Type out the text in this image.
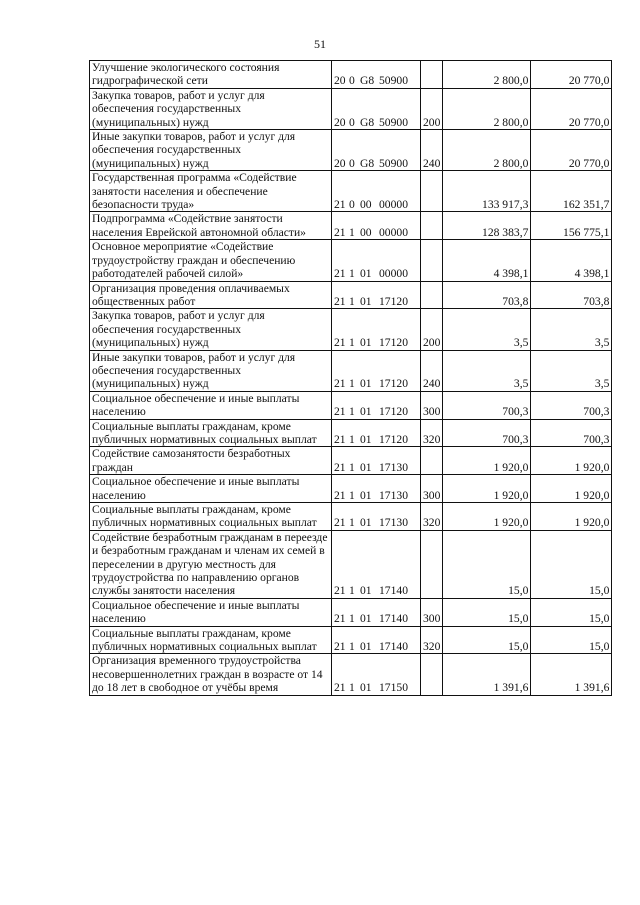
51
Улучшение экологического состояния гидрографической сети	20 0 G8 50900		2 800,0	20 770,0
Закупка товаров, работ и услуг для обеспечения государственных (муниципальных) нужд	20 0 G8 50900	200	2 800,0	20 770,0
Иные закупки товаров, работ и услуг для обеспечения государственных (муниципальных) нужд	20 0 G8 50900	240	2 800,0	20 770,0
Государственная программа «Содействие занятости населения и обеспечение безопасности труда»	21 0 00 00000		133 917,3	162 351,7
Подпрограмма «Содействие занятости населения Еврейской автономной области»	21 1 00 00000		128 383,7	156 775,1
Основное мероприятие «Содействие трудоустройству граждан и обеспечению работодателей рабочей силой»	21 1 01 00000		4 398,1	4 398,1
Организация проведения оплачиваемых общественных работ	21 1 01 17120		703,8	703,8
Закупка товаров, работ и услуг для обеспечения государственных (муниципальных) нужд	21 1 01 17120	200	3,5	3,5
Иные закупки товаров, работ и услуг для обеспечения государственных (муниципальных) нужд	21 1 01 17120	240	3,5	3,5
Социальное обеспечение и иные выплаты населению	21 1 01 17120	300	700,3	700,3
Социальные выплаты гражданам, кроме публичных нормативных социальных выплат	21 1 01 17120	320	700,3	700,3
Содействие самозанятости безработных граждан	21 1 01 17130		1 920,0	1 920,0
Социальное обеспечение и иные выплаты населению	21 1 01 17130	300	1 920,0	1 920,0
Социальные выплаты гражданам, кроме публичных нормативных социальных выплат	21 1 01 17130	320	1 920,0	1 920,0
Содействие безработным гражданам в переезде и безработным гражданам и членам их семей в переселении в другую местность для трудоустройства по направлению органов службы занятости населения	21 1 01 17140		15,0	15,0
Социальное обеспечение и иные выплаты населению	21 1 01 17140	300	15,0	15,0
Социальные выплаты гражданам, кроме публичных нормативных социальных выплат	21 1 01 17140	320	15,0	15,0
Организация временного трудоустройства несовершеннолетних граждан в возрасте от 14 до 18 лет в свободное от учёбы время	21 1 01 17150		1 391,6	1 391,6
